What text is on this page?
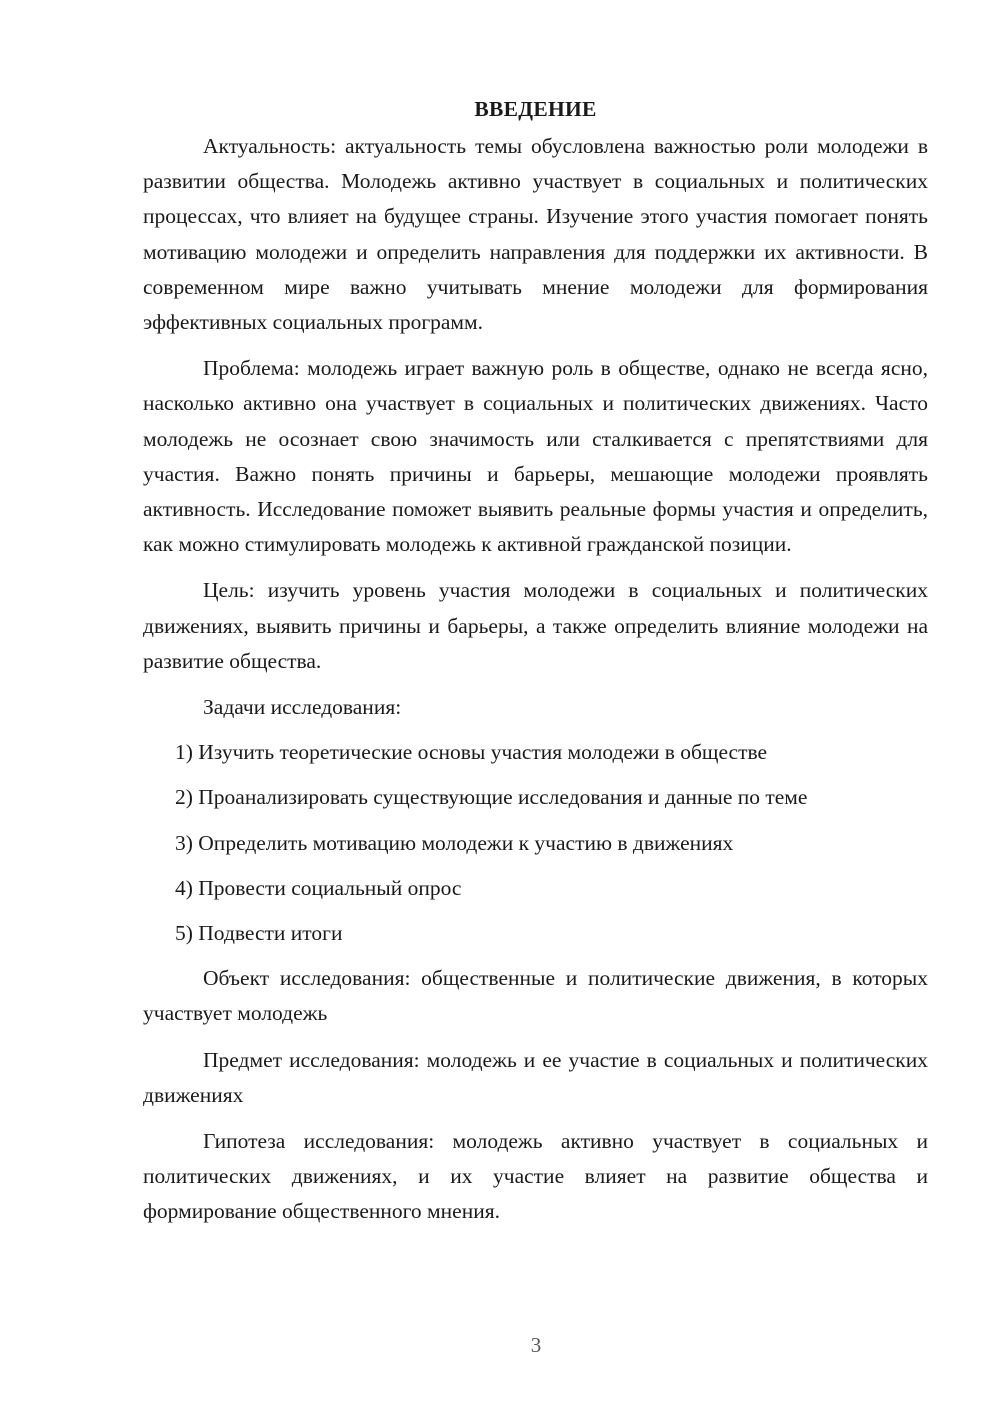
ВВЕДЕНИЕ

Актуальность: актуальность темы обусловлена важностью роли молодежи в развитии общества. Молодежь активно участвует в социальных и политических процессах, что влияет на будущее страны. Изучение этого участия помогает понять мотивацию молодежи и определить направления для поддержки их активности. В современном мире важно учитывать мнение молодежи для формирования эффективных социальных программ.

Проблема: молодежь играет важную роль в обществе, однако не всегда ясно, насколько активно она участвует в социальных и политических движениях. Часто молодежь не осознает свою значимость или сталкивается с препятствиями для участия. Важно понять причины и барьеры, мешающие молодежи проявлять активность. Исследование поможет выявить реальные формы участия и определить, как можно стимулировать молодежь к активной гражданской позиции.

Цель: изучить уровень участия молодежи в социальных и политических движениях, выявить причины и барьеры, а также определить влияние молодежи на развитие общества.

Задачи исследования:
1) Изучить теоретические основы участия молодежи в обществе
2) Проанализировать существующие исследования и данные по теме
3) Определить мотивацию молодежи к участию в движениях
4) Провести социальный опрос
5) Подвести итоги

Объект исследования: общественные и политические движения, в которых участвует молодежь

Предмет исследования: молодежь и ее участие в социальных и политических движениях

Гипотеза исследования: молодежь активно участвует в социальных и политических движениях, и их участие влияет на развитие общества и формирование общественного мнения.

3
